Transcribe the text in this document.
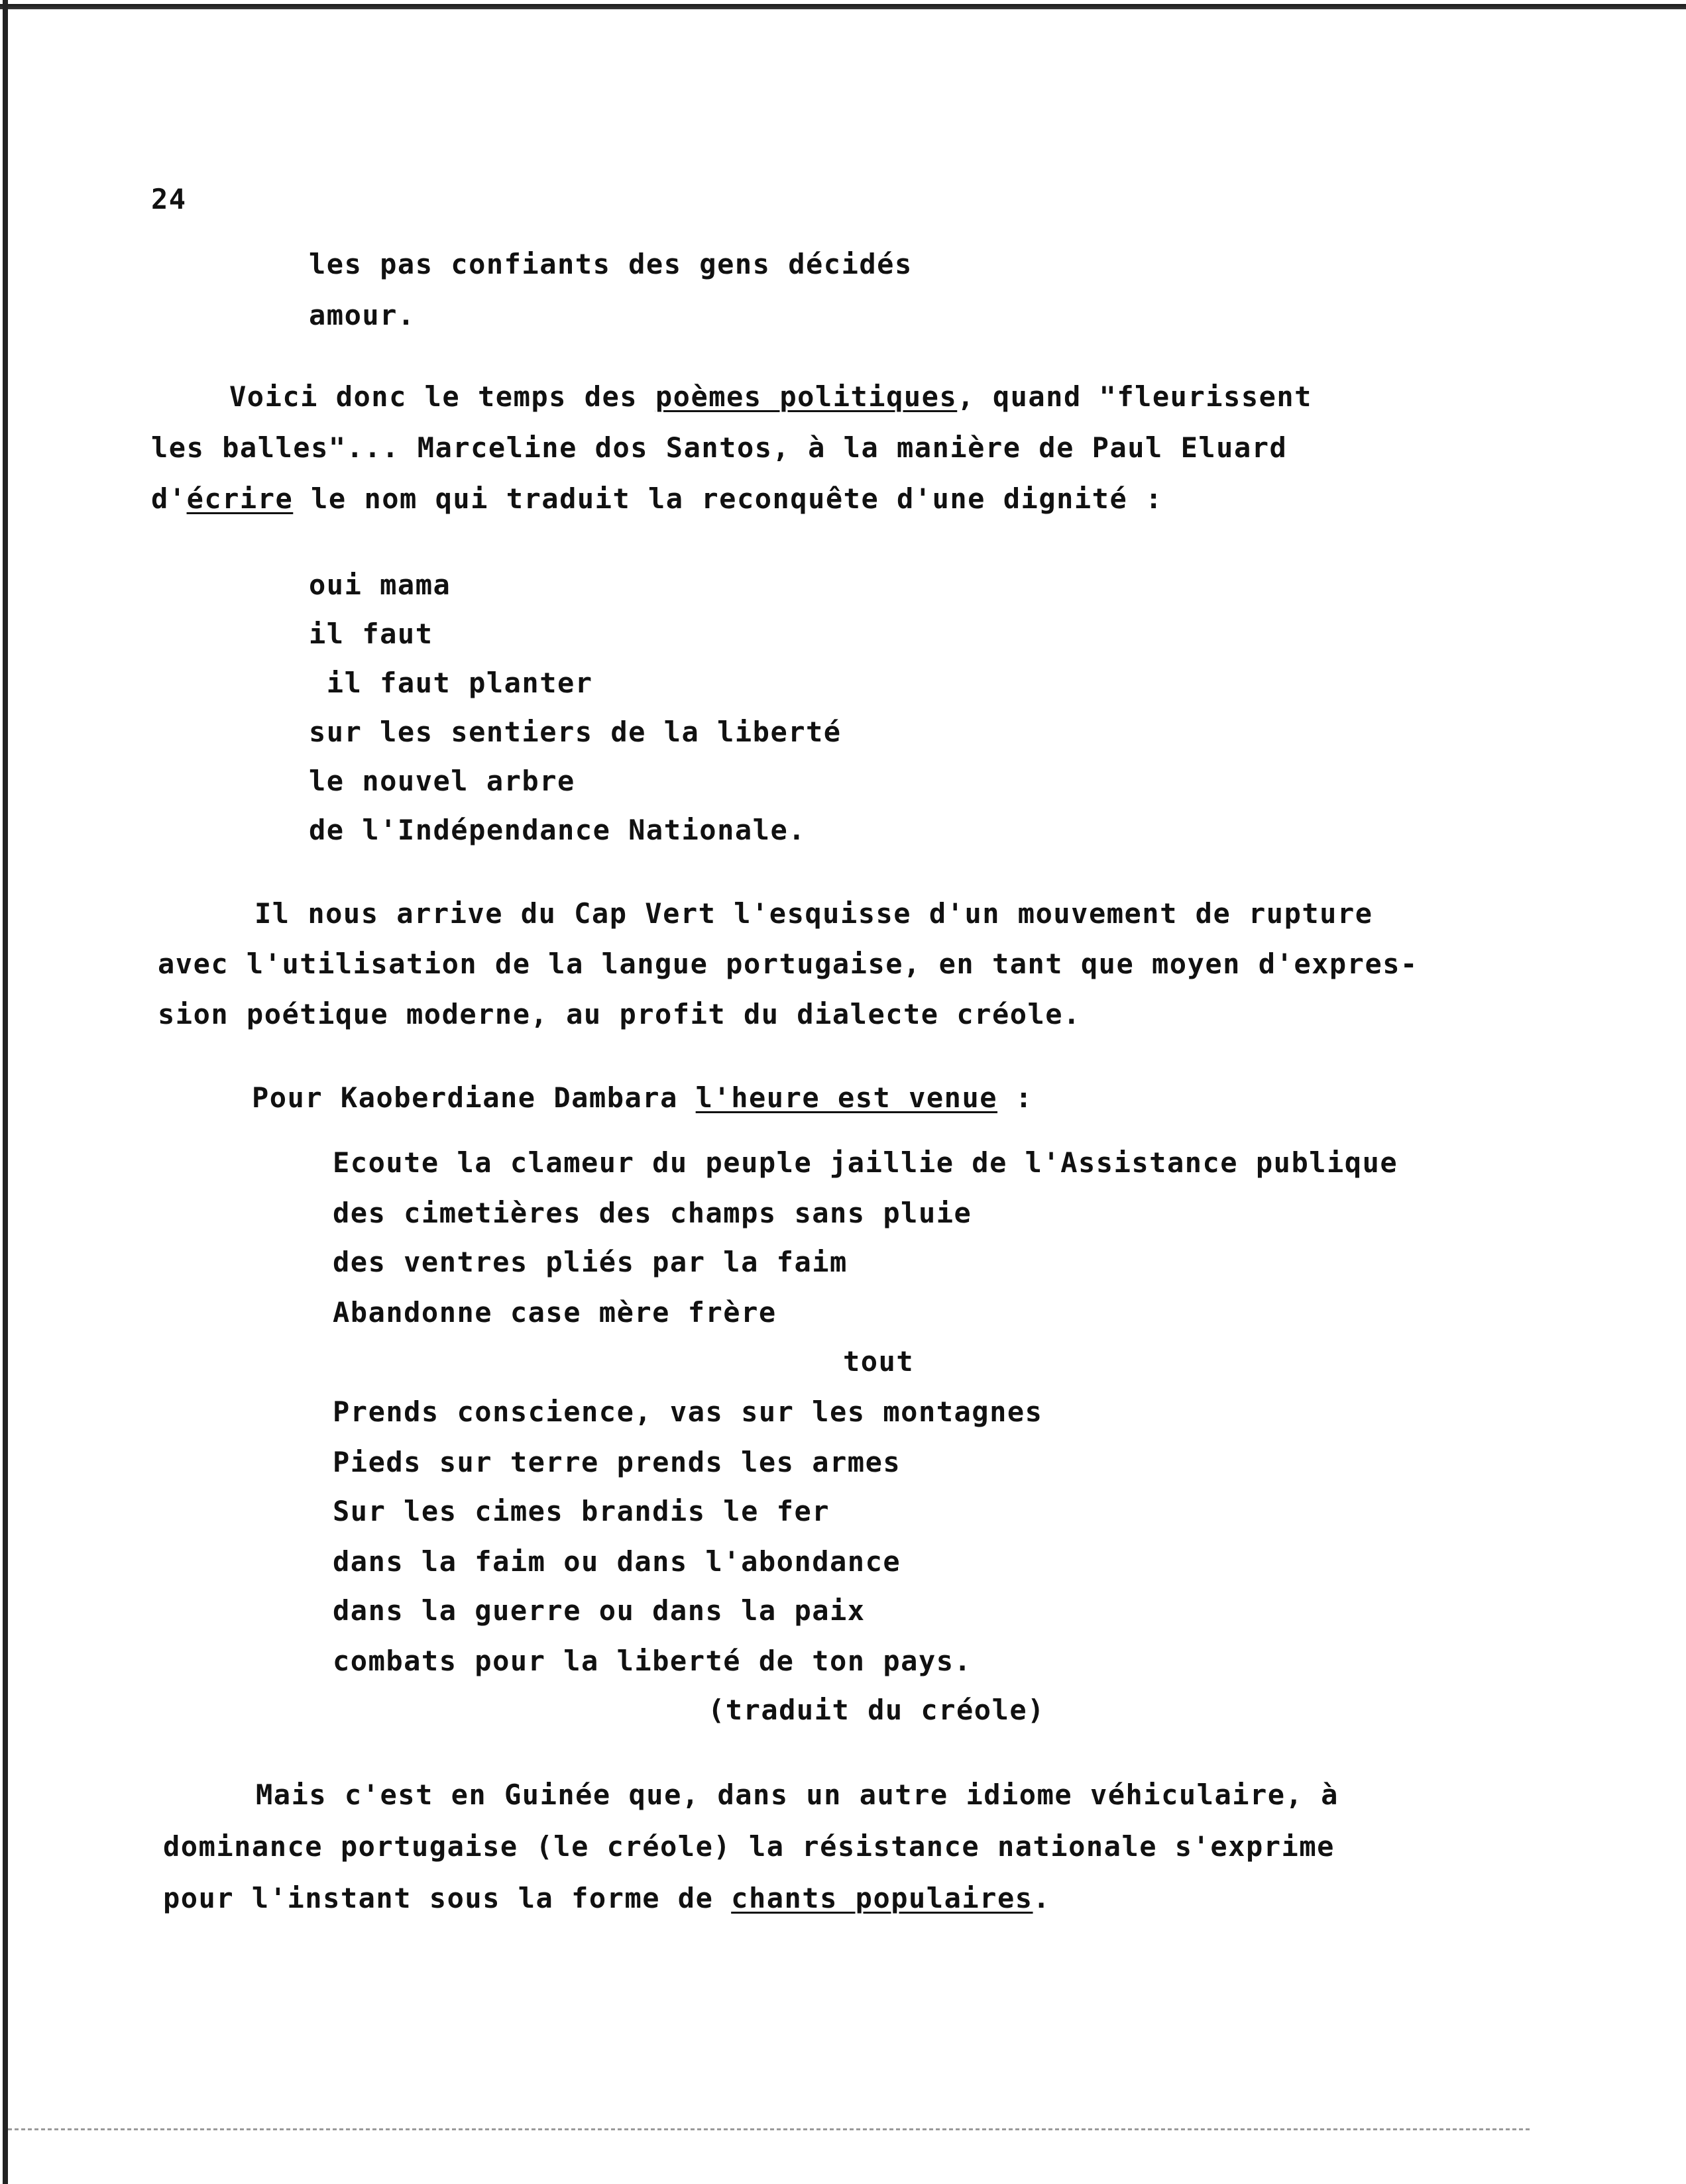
24
les pas confiants des gens décidés
amour.
Voici donc le temps des poèmes politiques, quand "fleurissent
les balles"... Marceline dos Santos, à la manière de Paul Eluard
d'écrire le nom qui traduit la reconquête d'une dignité :
oui mama
il faut
il faut planter
sur les sentiers de la liberté
le nouvel arbre
de l'Indépendance Nationale.
Il nous arrive du Cap Vert l'esquisse d'un mouvement de rupture
avec l'utilisation de la langue portugaise, en tant que moyen d'expres-
sion poétique moderne, au profit du dialecte créole.
Pour Kaoberdiane Dambara l'heure est venue :
Ecoute la clameur du peuple jaillie de l'Assistance publique
des cimetières des champs sans pluie
des ventres pliés par la faim
Abandonne case mère frère
tout
Prends conscience, vas sur les montagnes
Pieds sur terre prends les armes
Sur les cimes brandis le fer
dans la faim ou dans l'abondance
dans la guerre ou dans la paix
combats pour la liberté de ton pays.
(traduit du créole)
Mais c'est en Guinée que, dans un autre idiome véhiculaire, à
dominance portugaise (le créole) la résistance nationale s'exprime
pour l'instant sous la forme de chants populaires.
